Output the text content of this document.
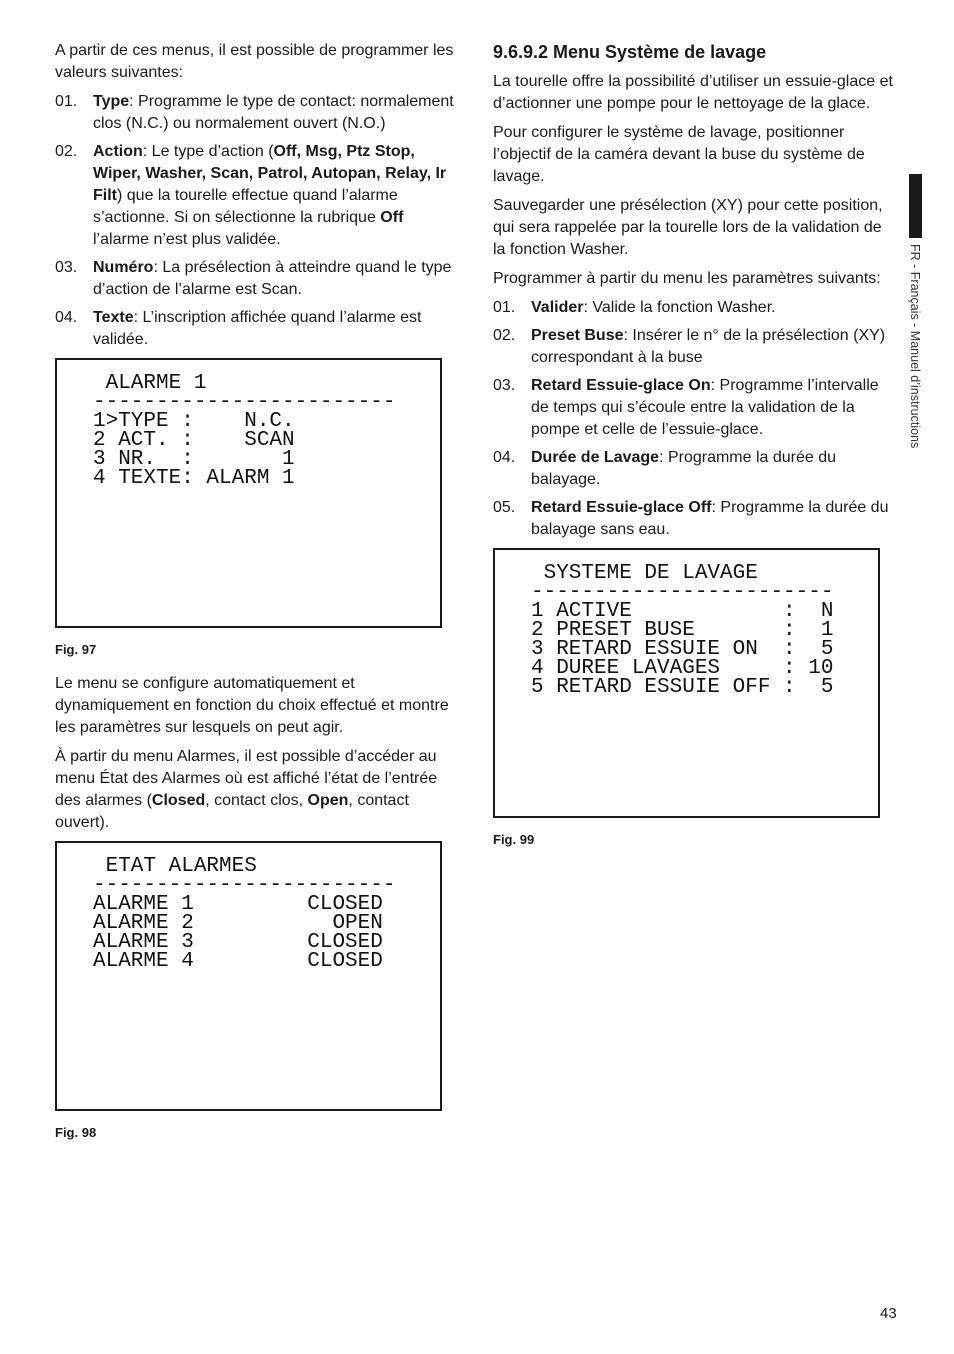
A partir de ces menus, il est possible de programmer les valeurs suivantes:

01. Type: Programme le type de contact: normalement clos (N.C.) ou normalement ouvert (N.O.)
02. Action: Le type d’action (Off, Msg, Ptz Stop, Wiper, Washer, Scan, Patrol, Autopan, Relay, Ir Filt) que la tourelle effectue quand l’alarme s’actionne. Si on sélectionne la rubrique Off l’alarme n’est plus validée.
03. Numéro: La présélection à atteindre quand le type d’action de l’alarme est Scan.
04. Texte: L’inscription affichée quand l’alarme est validée.
ALARME 1
------------------------
1>TYPE :    N.C.
2 ACT. :    SCAN
3 NR.  :       1
4 TEXTE: ALARM 1
Fig. 97

Le menu se configure automatiquement et dynamiquement en fonction du choix effectué et montre les paramètres sur lesquels on peut agir.

À partir du menu Alarmes, il est possible d’accéder au menu État des Alarmes où est affiché l’état de l’entrée des alarmes (Closed, contact clos, Open, contact ouvert).

ETAT ALARMES
------------------------
ALARME 1         CLOSED
ALARME 2           OPEN
ALARME 3         CLOSED
ALARME 4         CLOSED
Fig. 98
9.6.9.2 Menu Système de lavage

La tourelle offre la possibilité d’utiliser un essuie-glace et d’actionner une pompe pour le nettoyage de la glace.

Pour configurer le système de lavage, positionner l’objectif de la caméra devant la buse du système de lavage.

Sauvegarder une présélection (XY) pour cette position, qui sera rappelée par la tourelle lors de la validation de la fonction Washer.

Programmer à partir du menu les paramètres suivants:

01. Valider: Valide la fonction Washer.
02. Preset Buse: Insérer le n° de la présélection (XY) correspondant à la buse
03. Retard Essuie-glace On: Programme l’intervalle de temps qui s’écoule entre la validation de la pompe et celle de l’essuie-glace.
04. Durée de Lavage: Programme la durée du balayage.
05. Retard Essuie-glace Off: Programme la durée du balayage sans eau.
SYSTEME DE LAVAGE
------------------------
1 ACTIVE            :  N
2 PRESET BUSE       :  1
3 RETARD ESSUIE ON  :  5
4 DUREE LAVAGES     : 10
5 RETARD ESSUIE OFF :  5
Fig. 99
FR - Français - Manuel d’instructions
43
